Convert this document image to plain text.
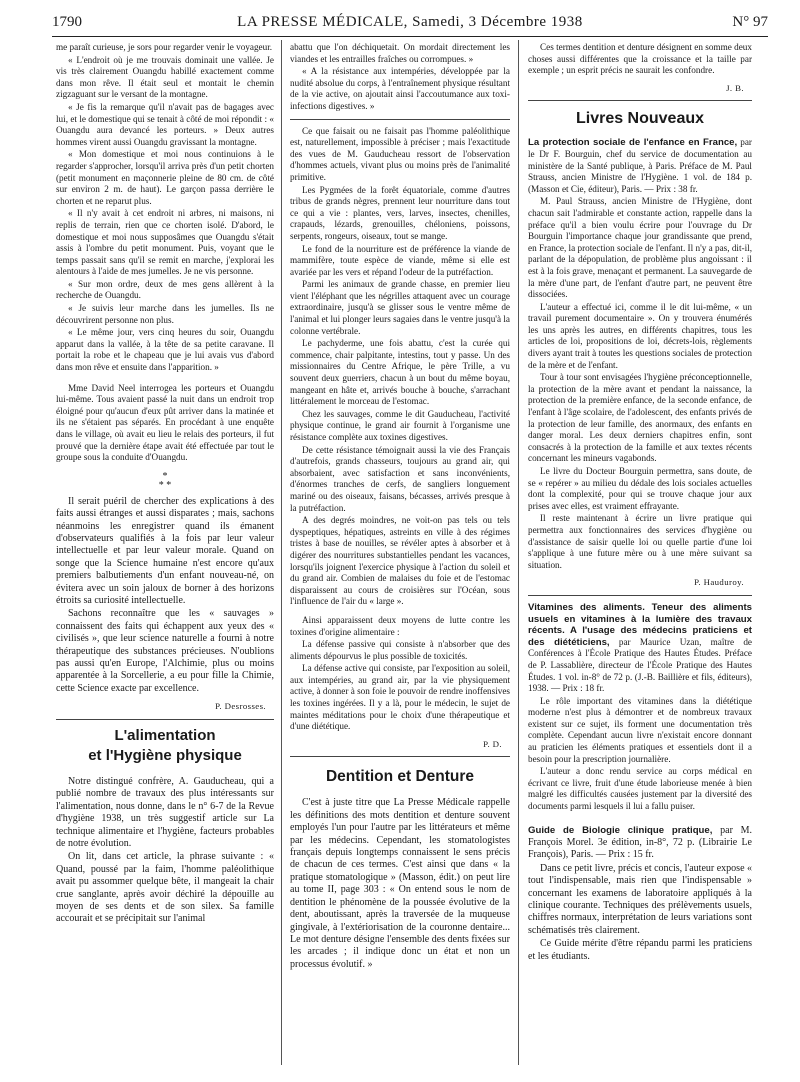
1790	LA PRESSE MÉDICALE, Samedi, 3 Décembre 1938	N° 97

me paraît curieuse, je sors pour regarder venir le voyageur.

« L'endroit où je me trouvais dominait une vallée. Je vis très clairement Ouangdu habillé exactement comme dans mon rêve. Il était seul et montait le chemin zigzaguant sur le versant de la montagne.

« Je fis la remarque qu'il n'avait pas de bagages avec lui, et le domestique qui se tenait à côté de moi répondit : « Ouangdu aura devancé les porteurs. » Deux autres hommes virent aussi Ouangdu gravissant la montagne.

« Mon domestique et moi nous continuions à le regarder s'approcher, lorsqu'il arriva près d'un petit chorten (petit monument en maçonnerie pleine de 80 cm. de côté sur environ 2 m. de haut). Le garçon passa derrière le chorten et ne reparut plus.

« Il n'y avait à cet endroit ni arbres, ni maisons, ni replis de terrain, rien que ce chorten isolé. D'abord, le domestique et moi nous supposâmes que Ouangdu s'était assis à l'ombre du petit monument. Puis, voyant que le temps passait sans qu'il se remit en marche, j'explorai les alentours à l'aide de mes jumelles. Je ne vis personne.

« Sur mon ordre, deux de mes gens allèrent à la recherche de Ouangdu.

« Je suivis leur marche dans les jumelles. Ils ne découvrirent personne non plus.

« Le même jour, vers cinq heures du soir, Ouangdu apparut dans la vallée, à la tête de sa petite caravane. Il portait la robe et le chapeau que je lui avais vus d'abord dans mon rêve et ensuite dans l'apparition. »

Mme David Neel interrogea les porteurs et Ouangdu lui-même. Tous avaient passé la nuit dans un endroit trop éloigné pour qu'aucun d'eux pût arriver dans la matinée et ils ne s'étaient pas séparés. En procédant à une enquête dans le village, où avait eu lieu le relais des porteurs, il fut prouvé que la dernière étape avait été effectuée par tout le groupe sous la conduite d'Ouangdu.

*
* *

Il serait puéril de chercher des explications à des faits aussi étranges et aussi disparates ; mais, sachons néanmoins les enregistrer quand ils émanent d'observateurs qualifiés à la fois par leur valeur intellectuelle et par leur valeur morale. Quand on songe que la Science humaine n'est encore qu'aux premiers balbutiements d'un enfant nouveau-né, on évitera avec un soin jaloux de borner à des horizons étroits sa curiosité intellectuelle.

Sachons reconnaître que les « sauvages » connaissent des faits qui échappent aux yeux des « civilisés », que leur science naturelle a fourni à notre thérapeutique des substances précieuses. N'oublions pas aussi qu'en Europe, l'Alchimie, plus ou moins apparentée à la Sorcellerie, a eu pour fille la Chimie, cette Science exacte par excellence.

P. Desrosses.

L'alimentation
et l'Hygiène physique

Notre distingué confrère, A. Gauducheau, qui a publié nombre de travaux des plus intéressants sur l'alimentation, nous donne, dans le n° 6-7 de la Revue d'hygiène 1938, un très suggestif article sur La technique alimentaire et l'hygiène, facteurs probables de notre évolution.

On lit, dans cet article, la phrase suivante : « Quand, poussé par la faim, l'homme paléolithique avait pu assommer quelque bête, il mangeait la chair crue sanglante, après avoir déchiré la dépouille au moyen de ses dents et de son silex. Sa famille accourait et se précipitait sur l'animal

abattu que l'on déchiquetait. On mordait directement les viandes et les entrailles fraîches ou corrompues. »

« A la résistance aux intempéries, développée par la nudité absolue du corps, à l'entraînement physique résultant de la vie active, on ajoutait ainsi l'accoutumance aux toxi-infections digestives. »

Ce que faisait ou ne faisait pas l'homme paléolithique est, naturellement, impossible à préciser ; mais l'exactitude des vues de M. Gauducheau ressort de l'observation d'hommes actuels, vivant plus ou moins près de l'animalité primitive.

Les Pygmées de la forêt équatoriale, comme d'autres tribus de grands nègres, prennent leur nourriture dans tout ce qui a vie : plantes, vers, larves, insectes, chenilles, crapauds, lézards, grenouilles, chéloniens, poissons, serpents, rongeurs, oiseaux, tout se mange.

Le fond de la nourriture est de préférence la viande de mammifère, toute espèce de viande, même si elle est avariée par les vers et répand l'odeur de la putréfaction.

Parmi les animaux de grande chasse, en premier lieu vient l'éléphant que les négrilles attaquent avec un courage extraordinaire, jusqu'à se glisser sous le ventre même de l'animal et lui plonger leurs sagaies dans le ventre jusqu'à la colonne vertébrale.

Le pachyderme, une fois abattu, c'est la curée qui commence, chair palpitante, intestins, tout y passe. Un des missionnaires du Centre Afrique, le père Trille, a vu souvent deux guerriers, chacun à un bout du même boyau, mangeant en hâte et, arrivés bouche à bouche, s'arrachant littéralement le morceau de l'estomac.

Chez les sauvages, comme le dit Gauducheau, l'activité physique continue, le grand air fournit à l'organisme une résistance complète aux toxines digestives.

De cette résistance témoignait aussi la vie des Français d'autrefois, grands chasseurs, toujours au grand air, qui absorbaient, avec satisfaction et sans inconvénients, d'énormes tranches de cerfs, de sangliers longuement mariné ou des oiseaux, faisans, bécasses, arrivés presque à la putréfaction.

A des degrés moindres, ne voit-on pas tels ou tels dyspeptiques, hépatiques, astreints en ville à des régimes tristes à base de nouilles, se révéler aptes à absorber et à digérer des nourritures substantielles pendant les vacances, lorsqu'ils joignent l'exercice physique à l'action du soleil et du grand air. Combien de malaises du foie et de l'estomac disparaissent au cours de croisières sur l'Océan, sous l'influence de l'air du « large ».

Ainsi apparaissent deux moyens de lutte contre les toxines d'origine alimentaire :

La défense passive qui consiste à n'absorber que des aliments dépourvus le plus possible de toxicités.

La défense active qui consiste, par l'exposition au soleil, aux intempéries, au grand air, par la vie physiquement active, à donner à son foie le pouvoir de rendre inoffensives les toxines ingérées. Il y a là, pour le médecin, le sujet de maintes méditations pour le choix d'une thérapeutique et d'une diététique.

P. D.

Dentition et Denture

C'est à juste titre que La Presse Médicale rappelle les définitions des mots dentition et denture souvent employés l'un pour l'autre par les littérateurs et même par les médecins. Cependant, les stomatologistes français depuis longtemps connaissent le sens précis de chacun de ces termes. C'est ainsi que dans « la pratique stomatologique » (Masson, édit.) on peut lire au tome II, page 303 : « On entend sous le nom de dentition le phénomène de la poussée évolutive de la dent, aboutissant, après la traversée de la muqueuse gingivale, à l'extériorisation de la couronne dentaire... Le mot denture désigne l'ensemble des dents fixées sur les arcades ; il indique donc un état et non un processus évolutif. »

Ces termes dentition et denture désignent en somme deux choses aussi différentes que la croissance et la taille par exemple ; un esprit précis ne saurait les confondre.

J. B.

Livres Nouveaux

La protection sociale de l'enfance en France, par le Dr F. Bourguin, chef du service de documentation au ministère de la Santé publique, à Paris. Préface de M. Paul Strauss, ancien Ministre de l'Hygiène. 1 vol. de 184 p. (Masson et Cie, éditeur), Paris. — Prix : 38 fr.

M. Paul Strauss, ancien Ministre de l'Hygiène, dont chacun sait l'admirable et constante action, rappelle dans la préface qu'il a bien voulu écrire pour l'ouvrage du Dr Bourguin l'importance chaque jour grandissante que prend, en France, la protection sociale de l'enfant. Il n'y a pas, dit-il, parlant de la dépopulation, de problème plus angoissant : il est à la fois grave, menaçant et permanent. La sauvegarde de la mère d'une part, de l'enfant d'autre part, ne peuvent être dissociées.

L'auteur a effectué ici, comme il le dit lui-même, « un travail purement documentaire ». On y trouvera énumérés les uns après les autres, en différents chapitres, tous les articles de loi, propositions de loi, décrets-lois, règlements divers ayant trait à toutes les questions sociales de protection de la mère et de l'enfant.

Tour à tour sont envisagées l'hygiène préconceptionnelle, la protection de la mère avant et pendant la naissance, la protection de la première enfance, de la seconde enfance, de l'enfant à l'âge scolaire, de l'adolescent, des enfants privés de la protection de leur famille, des anormaux, des enfants en danger moral. Les deux derniers chapitres enfin, sont consacrés à la protection de la famille et aux textes récents concernant les mineurs vagabonds.

Le livre du Docteur Bourguin permettra, sans doute, de se « repérer » au milieu du dédale des lois sociales actuelles dont la complexité, pour qui se trouve chaque jour aux prises avec elles, est vraiment effrayante.

Il reste maintenant à écrire un livre pratique qui permettra aux fonctionnaires des services d'hygiène ou d'assistance de saisir quelle loi ou quelle partie d'une loi s'applique à une future mère ou à une mère suivant sa situation.

P. Hauduroy.

Vitamines des aliments. Teneur des aliments usuels en vitamines à la lumière des travaux récents. A l'usage des médecins praticiens et des diététiciens, par Maurice Uzan, maître de Conférences à l'École Pratique des Hautes Études. Préface de P. Lassablière, directeur de l'École Pratique des Hautes Études. 1 vol. in-8° de 72 p. (J.-B. Baillière et fils, éditeurs), 1938. — Prix : 18 fr.

Le rôle important des vitamines dans la diététique moderne n'est plus à démontrer et de nombreux travaux existent sur ce sujet, ils forment une documentation très complète. Cependant aucun livre n'existait encore donnant au praticien les éléments pratiques et essentiels dont il a besoin pour la prescription journalière.

L'auteur a donc rendu service au corps médical en écrivant ce livre, fruit d'une étude laborieuse menée à bien malgré les difficultés causées justement par la diversité des documents parmi lesquels il lui a fallu puiser.

Guide de Biologie clinique pratique, par M. François Morel. 3e édition, in-8°, 72 p. (Librairie Le François), Paris. — Prix : 15 fr.

Dans ce petit livre, précis et concis, l'auteur expose « tout l'indispensable, mais rien que l'indispensable » concernant les examens de laboratoire appliqués à la clinique courante. Techniques des prélèvements usuels, chiffres normaux, interprétation de leurs variations sont schématisés très clairement.

Ce Guide mérite d'être répandu parmi les praticiens et les étudiants.
